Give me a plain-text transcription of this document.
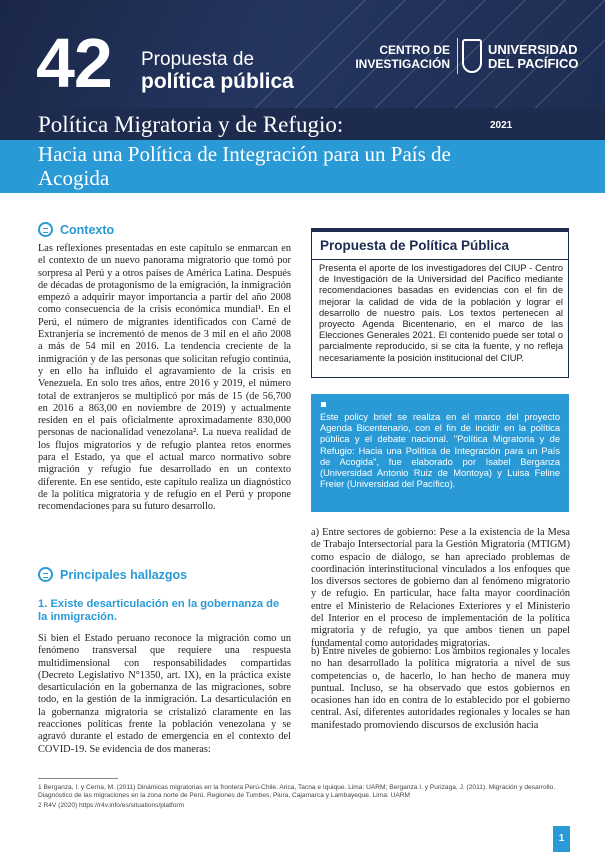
42 Propuesta de
política pública
CENTRO DE
INVESTIGACIÓN
UNIVERSIDAD
DEL PACÍFICO
Política Migratoria y de Refugio:	2021
Hacia una Política de Integración para un País de Acogida
Contexto
Las reflexiones presentadas en este capítulo se enmarcan en el contexto de un nuevo panorama migratorio que tomó por sorpresa al Perú y a otros países de América Latina. Después de décadas de protagonismo de la emigración, la inmigración empezó a adquirir mayor importancia a partir del año 2008 como consecuencia de la crisis económica mundial¹. En el Perú, el número de migrantes identificados con Carné de Extranjería se incrementó de menos de 3 mil en el año 2008 a más de 54 mil en 2016. La tendencia creciente de la inmigración y de las personas que solicitan refugio continúa, y en ello ha influido el agravamiento de la crisis en Venezuela. En solo tres años, entre 2016 y 2019, el número total de extranjeros se multiplicó por más de 15 (de 56,700 en 2016 a 863,00 en noviembre de 2019) y actualmente residen en el país oficialmente aproximadamente 830,000 personas de nacionalidad venezolana². La nueva realidad de los flujos migratorios y de refugio plantea retos enormes para el Estado, ya que el actual marco normativo sobre migración y refugio fue desarrollado en un contexto diferente. En ese sentido, este capítulo realiza un diagnóstico de la política migratoria y de refugio en el Perú y propone recomendaciones para su futuro desarrollo.
Principales hallazgos
1. Existe desarticulación en la gobernanza de la inmigración.
Si bien el Estado peruano reconoce la migración como un fenómeno transversal que requiere una respuesta multidimensional con responsabilidades compartidas (Decreto Legislativo N°1350, art. IX), en la práctica existe desarticulación en la gobernanza de las migraciones, sobre todo, en la gestión de la inmigración. La desarticulación en la gobernanza migratoria se cristalizó claramente en las reacciones políticas frente la población venezolana y se agravó durante el estado de emergencia en el contexto del COVID-19. Se evidencia de dos maneras:
Propuesta de Política Pública
Presenta el aporte de los investigadores del CIUP - Centro de Investigación de la Universidad del Pacífico mediante recomendaciones basadas en evidencias con el fin de mejorar la calidad de vida de la población y lograr el desarrollo de nuestro país. Los textos pertenecen al proyecto Agenda Bicentenario, en el marco de las Elecciones Generales 2021. El contenido puede ser total o parcialmente reproducido, si se cita la fuente, y no refleja necesariamente la posición institucional del CIUP.
Este policy brief se realiza en el marco del proyecto Agenda Bicentenario, con el fin de incidir en la política pública y el debate nacional. "Política Migratoria y de Refugio: Hacia una Política de Integración para un País de Acogida", fue elaborado por Isabel Berganza (Universidad Antonio Ruiz de Montoya) y Luisa Feline Freier (Universidad del Pacífico).
a) Entre sectores de gobierno: Pese a la existencia de la Mesa de Trabajo Intersectorial para la Gestión Migratoria (MTIGM) como espacio de diálogo, se han apreciado problemas de coordinación interinstitucional vinculados a los enfoques que los diversos sectores de gobierno dan al fenómeno migratorio y de refugio. En particular, hace falta mayor coordinación entre el Ministerio de Relaciones Exteriores y el Ministerio del Interior en el proceso de implementación de la política migratoria y de refugio, ya que ambos tienen un papel fundamental como autoridades migratorias.
b) Entre niveles de gobierno: Los ámbitos regionales y locales no han desarrollado la política migratoria a nivel de sus competencias o, de hacerlo, lo han hecho de manera muy puntual. Incluso, se ha observado que estos gobiernos en ocasiones han ido en contra de lo establecido por el gobierno central. Así, diferentes autoridades regionales y locales se han manifestado promoviendo discursos de exclusión hacia
1 Berganza, I. y Cerna, M. (2011) Dinámicas migratorias en la frontera Perú-Chile. Arica, Tacna e Iquique. Lima: UARM; Berganza I. y Purizaga, J. (2011). Migración y desarrollo. Diagnóstico de las migraciones en la zona norte de Perú. Regiones de Tumbes, Piura, Cajamarca y Lambayeque. Lima: UARM
2 R4V (2020) https://r4v.info/es/situations/platform
1
